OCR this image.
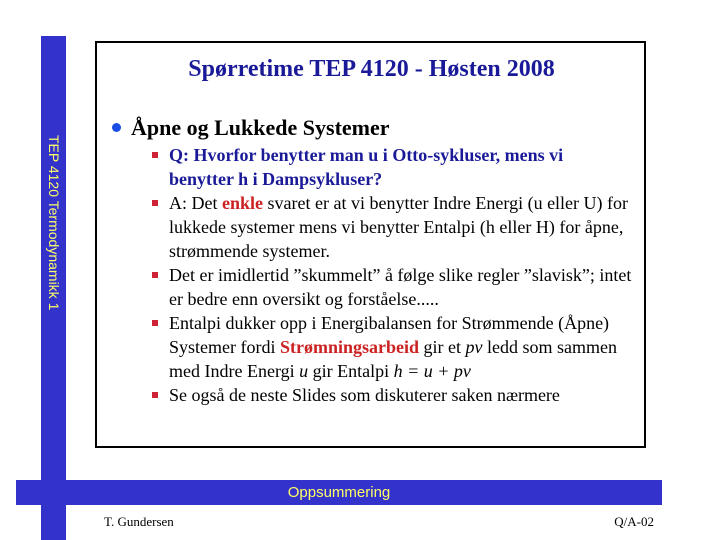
TEP 4120 Termodynamikk 1
Spørretime TEP 4120 - Høsten 2008
Åpne og Lukkede Systemer
Q: Hvorfor benytter man u i Otto-sykluser, mens vi benytter h i Dampsykluser?
A: Det enkle svaret er at vi benytter Indre Energi (u eller U) for lukkede systemer mens vi benytter Entalpi (h eller H) for åpne, strømmende systemer.
Det er imidlertid ”skummelt” å følge slike regler ”slavisk”; intet er bedre enn oversikt og forståelse.....
Entalpi dukker opp i Energibalansen for Strømmende (Åpne) Systemer fordi Strømningsarbeid gir et pv ledd som sammen med Indre Energi u gir Entalpi h = u + pv
Se også de neste Slides som diskuterer saken nærmere
Oppsummering
T. Gundersen	Q/A-02
